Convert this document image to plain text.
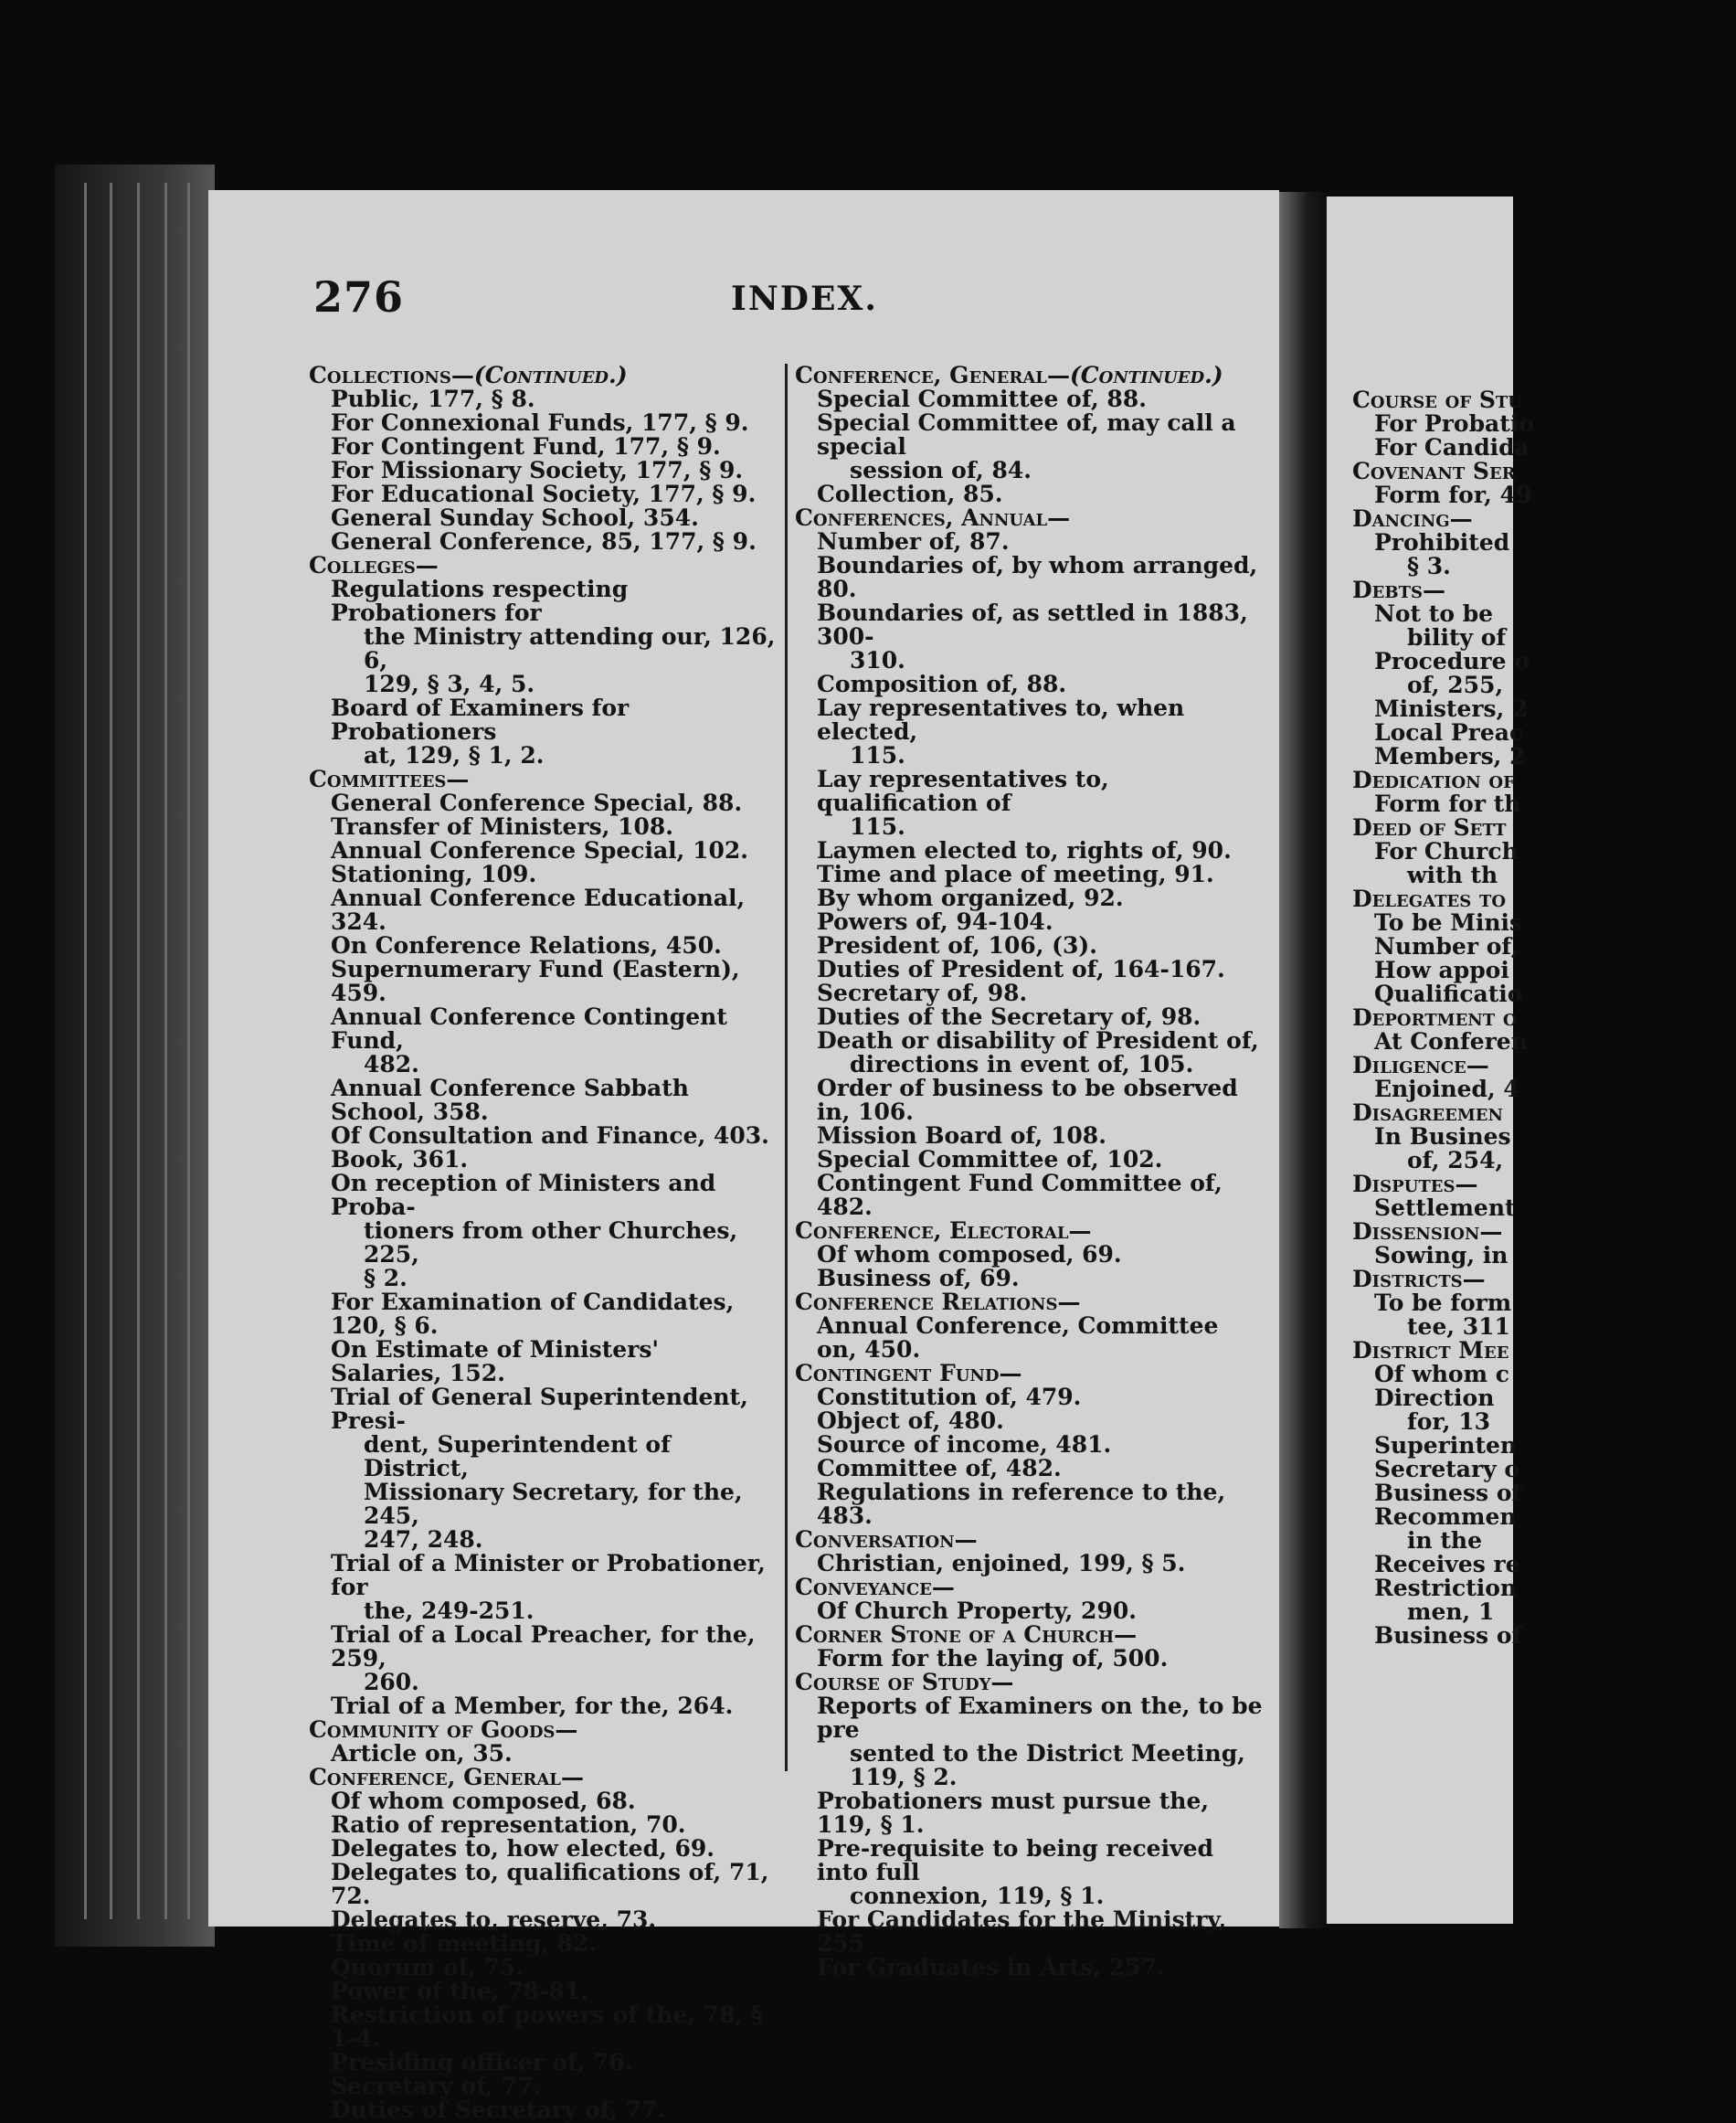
276	INDEX.
Collections—(Continued.)
Public, 177, § 8.
For Connexional Funds, 177, § 9.
For Contingent Fund, 177, § 9.
For Missionary Society, 177, § 9.
For Educational Society, 177, § 9.
General Sunday School, 354.
General Conference, 85, 177, § 9.
Colleges—
Regulations respecting Probationers for
the Ministry attending our, 126, 6,
129, § 3, 4, 5.
Board of Examiners for Probationers
at, 129, § 1, 2.
Committees—
General Conference Special, 88.
Transfer of Ministers, 108.
Annual Conference Special, 102.
Stationing, 109.
Annual Conference Educational, 324.
On Conference Relations, 450.
Supernumerary Fund (Eastern), 459.
Annual Conference Contingent Fund,
482.
Annual Conference Sabbath School, 358.
Of Consultation and Finance, 403.
Book, 361.
On reception of Ministers and Proba-
tioners from other Churches, 225,
§ 2.
For Examination of Candidates, 120, § 6.
On Estimate of Ministers' Salaries, 152.
Trial of General Superintendent, Presi-
dent, Superintendent of District,
Missionary Secretary, for the, 245,
247, 248.
Trial of a Minister or Probationer, for
the, 249-251.
Trial of a Local Preacher, for the, 259,
260.
Trial of a Member, for the, 264.
Community of Goods—
Article on, 35.
Conference, General—
Of whom composed, 68.
Ratio of representation, 70.
Delegates to, how elected, 69.
Delegates to, qualifications of, 71, 72.
Delegates to, reserve, 73.
Time of meeting, 82.
Quorum of, 75.
Power of the, 78-81.
Restriction of powers of the, 78, § 1-4.
Presiding officer of, 76.
Secretary of, 77.
Duties of Secretary of, 77.
Conference, General—(Continued.)
Special Committee of, 88.
Special Committee of, may call a special
session of, 84.
Collection, 85.
Conferences, Annual—
Number of, 87.
Boundaries of, by whom arranged, 80.
Boundaries of, as settled in 1883, 300-
310.
Composition of, 88.
Lay representatives to, when elected,
115.
Lay representatives to, qualification of
115.
Laymen elected to, rights of, 90.
Time and place of meeting, 91.
By whom organized, 92.
Powers of, 94-104.
President of, 106, (3).
Duties of President of, 164-167.
Secretary of, 98.
Duties of the Secretary of, 98.
Death or disability of President of,
directions in event of, 105.
Order of business to be observed in, 106.
Mission Board of, 108.
Special Committee of, 102.
Contingent Fund Committee of, 482.
Conference, Electoral—
Of whom composed, 69.
Business of, 69.
Conference Relations—
Annual Conference, Committee on, 450.
Contingent Fund—
Constitution of, 479.
Object of, 480.
Source of income, 481.
Committee of, 482.
Regulations in reference to the, 483.
Conversation—
Christian, enjoined, 199, § 5.
Conveyance—
Of Church Property, 290.
Corner Stone of a Church—
Form for the laying of, 500.
Course of Study—
Reports of Examiners on the, to be pre
sented to the District Meeting,
119, § 2.
Probationers must pursue the, 119, § 1.
Pre-requisite to being received into full
connexion, 119, § 1.
For Candidates for the Ministry, 255
For Graduates in Arts, 257.
Course of Stu
For Probatio
For Candida
Covenant Ser
Form for, 49
Dancing—
Prohibited
§ 3.
Debts—
Not to be
bility of
Procedure o
of, 255,
Ministers, 2
Local Preac
Members, 2
Dedication of
Form for th
Deed of Sett
For Church
with th
Delegates to
To be Minis
Number of,
How appoi
Qualificatio
Deportment o
At Conferen
Diligence—
Enjoined, 4
Disagreemen
In Busines
of, 254,
Disputes—
Settlement
Dissension—
Sowing, in
Districts—
To be form
tee, 311
District Mee
Of whom c
Direction
for, 13
Superinten
Secretary o
Business of
Recommen
in the
Receives re
Restriction
men, 1
Business of
